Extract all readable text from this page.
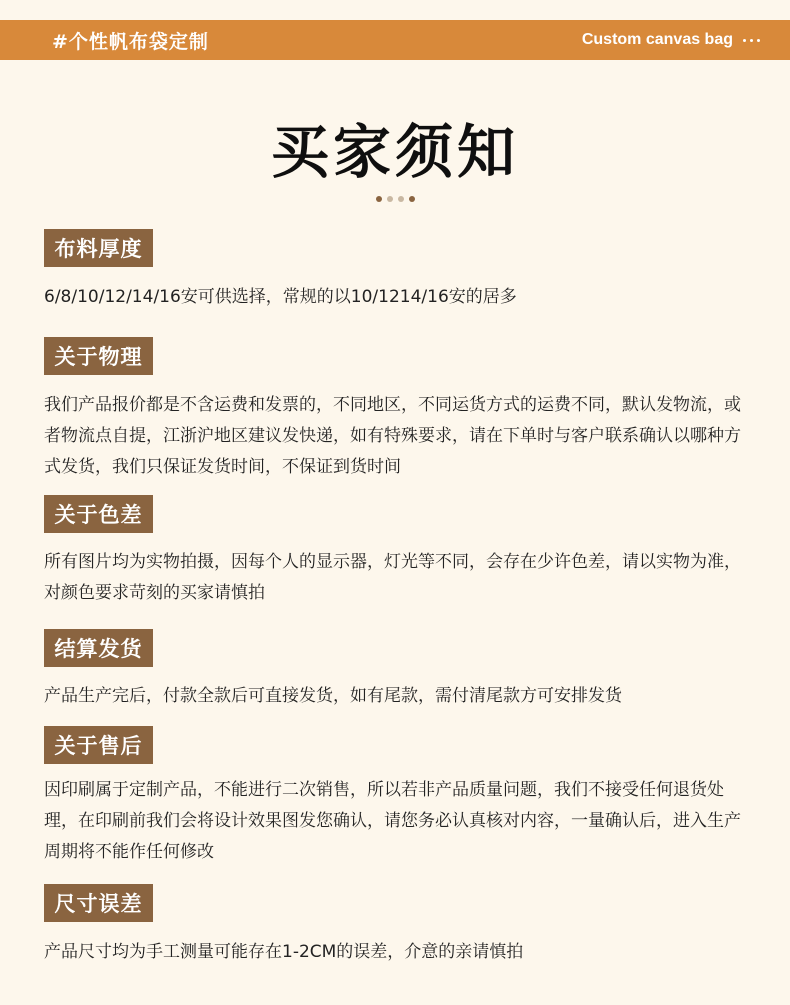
#个性帆布袋定制	Custom canvas bag
买家须知
布料厚度
6/8/10/12/14/16安可供选择，常规的以10/1214/16安的居多
关于物理
我们产品报价都是不含运费和发票的，不同地区，不同运货方式的运费不同，默认发物流，或者物流点自提，江浙沪地区建议发快递，如有特殊要求，请在下单时与客户联系确认以哪种方式发货，我们只保证发货时间，不保证到货时间
关于色差
所有图片均为实物拍摄，因每个人的显示器，灯光等不同，会存在少许色差，请以实物为准，对颜色要求苛刻的买家请慎拍
结算发货
产品生产完后，付款全款后可直接发货，如有尾款，需付清尾款方可安排发货
关于售后
因印刷属于定制产品，不能进行二次销售，所以若非产品质量问题，我们不接受任何退货处理，在印刷前我们会将设计效果图发您确认，请您务必认真核对内容，一量确认后，进入生产周期将不能作任何修改
尺寸误差
产品尺寸均为手工测量可能存在1-2CM的误差，介意的亲请慎拍
